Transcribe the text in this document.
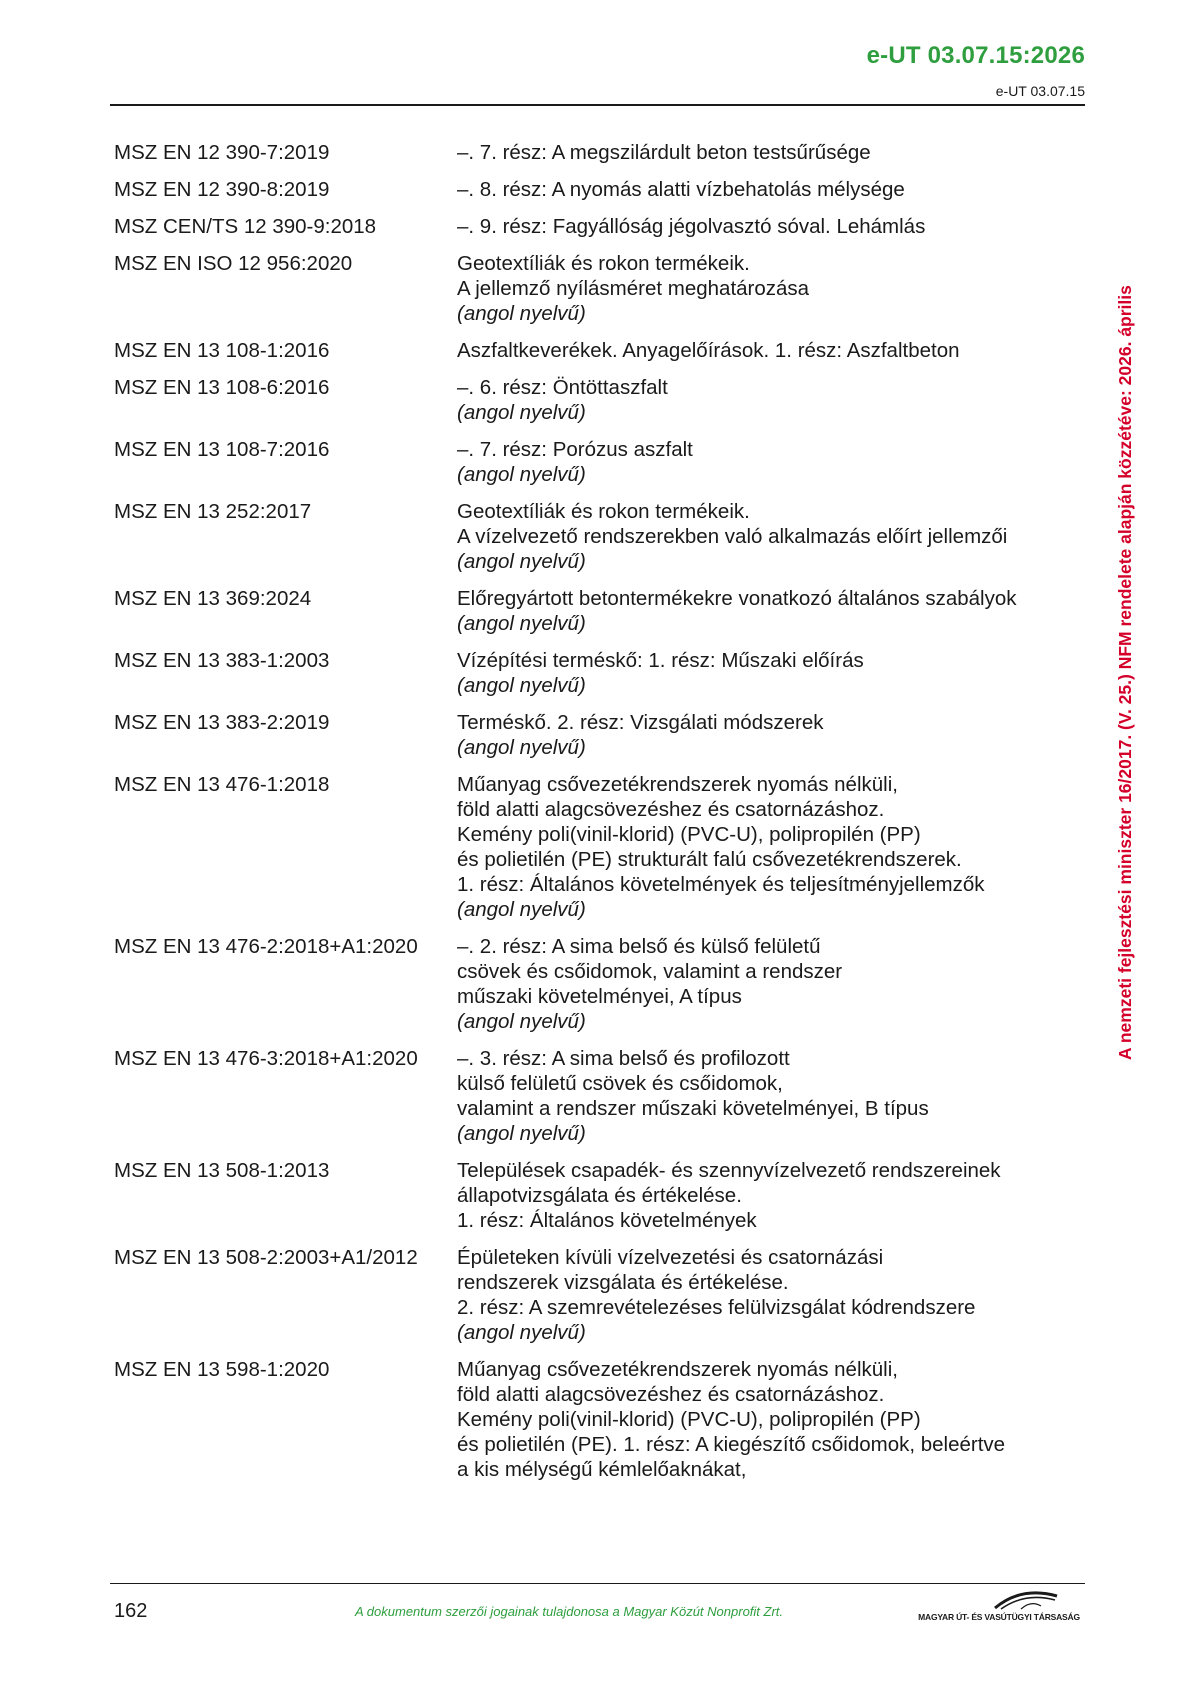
e-UT 03.07.15:2026
e-UT 03.07.15
A nemzeti fejlesztési miniszter 16/2017. (V. 25.) NFM rendelete alapján közzétéve: 2026. április
MSZ EN 12 390-7:2019	–. 7. rész: A megszilárdult beton testsűrűsége
MSZ EN 12 390-8:2019	–. 8. rész: A nyomás alatti vízbehatolás mélysége
MSZ CEN/TS 12 390-9:2018	–. 9. rész: Fagyállóság jégolvasztó sóval. Lehámlás
MSZ EN ISO 12 956:2020	Geotextíliák és rokon termékeik.
A jellemző nyílásméret meghatározása
(angol nyelvű)
MSZ EN 13 108-1:2016	Aszfaltkeverékek. Anyagelőírások. 1. rész: Aszfaltbeton
MSZ EN 13 108-6:2016	–. 6. rész: Öntöttaszfalt
(angol nyelvű)
MSZ EN 13 108-7:2016	–. 7. rész: Porózus aszfalt
(angol nyelvű)
MSZ EN 13 252:2017	Geotextíliák és rokon termékeik.
A vízelvezető rendszerekben való alkalmazás előírt jellemzői
(angol nyelvű)
MSZ EN 13 369:2024	Előregyártott betontermékekre vonatkozó általános szabályok
(angol nyelvű)
MSZ EN 13 383-1:2003	Vízépítési terméskő: 1. rész: Műszaki előírás
(angol nyelvű)
MSZ EN 13 383-2:2019	Terméskő. 2. rész: Vizsgálati módszerek
(angol nyelvű)
MSZ EN 13 476-1:2018	Műanyag csővezetékrendszerek nyomás nélküli,
föld alatti alagcsövezéshez és csatornázáshoz.
Kemény poli(vinil-klorid) (PVC-U), polipropilén (PP)
és polietilén (PE) strukturált falú csővezetékrendszerek.
1. rész: Általános követelmények és teljesítményjellemzők
(angol nyelvű)
MSZ EN 13 476-2:2018+A1:2020	–. 2. rész: A sima belső és külső felületű
csövek és csőidomok, valamint a rendszer
műszaki követelményei, A típus
(angol nyelvű)
MSZ EN 13 476-3:2018+A1:2020	–. 3. rész: A sima belső és profilozott
külső felületű csövek és csőidomok,
valamint a rendszer műszaki követelményei, B típus
(angol nyelvű)
MSZ EN 13 508-1:2013	Települések csapadék- és szennyvízelvezető rendszereinek
állapotvizsgálata és értékelése.
1. rész: Általános követelmények
MSZ EN 13 508-2:2003+A1/2012	Épületeken kívüli vízelvezetési és csatornázási
rendszerek vizsgálata és értékelése.
2. rész: A szemrevételezéses felülvizsgálat kódrendszere
(angol nyelvű)
MSZ EN 13 598-1:2020	Műanyag csővezetékrendszerek nyomás nélküli,
föld alatti alagcsövezéshez és csatornázáshoz.
Kemény poli(vinil-klorid) (PVC-U), polipropilén (PP)
és polietilén (PE). 1. rész: A kiegészítő csőidomok, beleértve
a kis mélységű kémlelőaknákat,
162	A dokumentum szerzői jogainak tulajdonosa a Magyar Közút Nonprofit Zrt.	MAGYAR ÚT- ÉS VASÚTÜGYI TÁRSASÁG
